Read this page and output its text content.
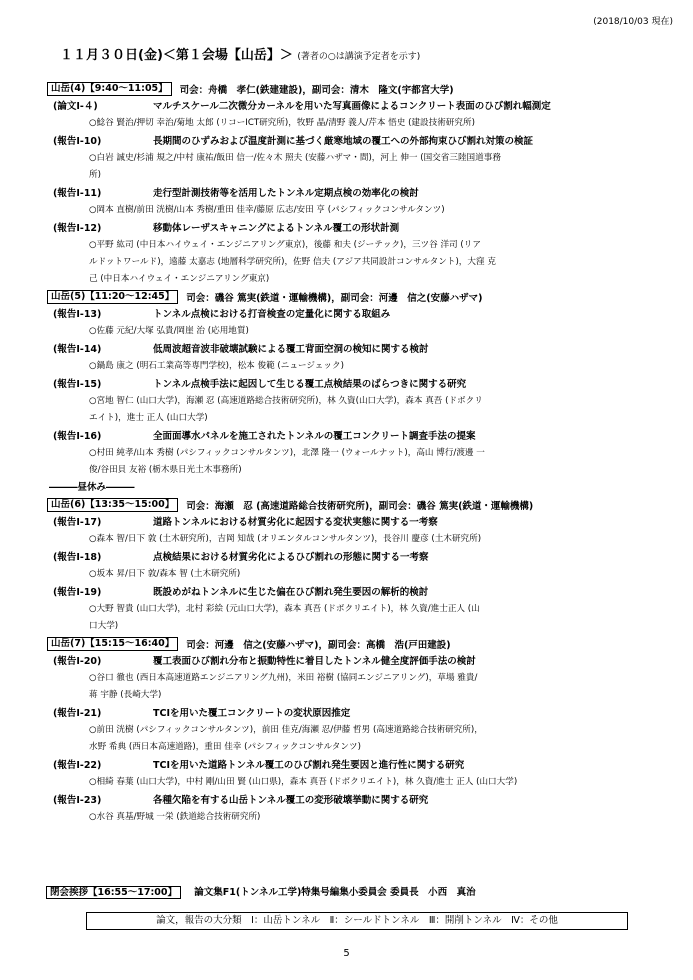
(2018/10/03 現在)
１１月３０日(金)＜第１会場【山岳】＞ (著者の○は講演予定者を示す)
山岳(4)【9:40～11:05】	司会：舟橋　孝仁(鉄建建設)，副司会：清木　隆文(宇都宮大学)
(論文Ⅰ-４)	マルチスケール二次微分カーネルを用いた写真画像によるコンクリート表面のひび割れ幅測定
○鯰谷 賢治/押切 幸治/菊地 太郎 (リコーICT研究所)，牧野 晶/清野 義人/芹本 悟史 (建設技術研究所)
(報告Ⅰ-10)	長期間のひずみおよび温度計測に基づく厳寒地域の覆工への外部拘束ひび割れ対策の検証
○白岩 誠史/杉浦 規之/中村 康祐/飯田 信一/佐々木 照夫 (安藤ハザマ・間)，河上 伸一 (国交省三陸国道事務
所)
(報告Ⅰ-11)	走行型計測技術等を活用したトンネル定期点検の効率化の検討
○岡本 直樹/前田 洸樹/山本 秀樹/重田 佳幸/藤原 広志/安田 亨 (パシフィックコンサルタンツ)
(報告Ⅰ-12)	移動体レーザスキャニングによるトンネル覆工の形状計測
○平野 紘司 (中日本ハイウェイ・エンジニアリング東京)，後藤 和夫 (ジーテック)，三ツ谷 洋司 (リア
ルドットワールド)，遠藤 太嘉志 (地層科学研究所)，佐野 信夫 (アジア共同設計コンサルタント)，大窪 克
己 (中日本ハイウェイ・エンジニアリング東京)
山岳(5)【11:20～12:45】	司会：磯谷 篤実(鉄道・運輸機構)，副司会：河邊　信之(安藤ハザマ)
(報告Ⅰ-13)	トンネル点検における打音検査の定量化に関する取組み
○佐藤 元紀/大塚 弘貴/岡崖 治 (応用地質)
(報告Ⅰ-14)	低周波超音波非破壊試験による覆工背面空洞の検知に関する検討
○鍋島 康之 (明石工業高等専門学校)，松本 俊範 (ニュージェック)
(報告Ⅰ-15)	トンネル点検手法に起因して生じる覆工点検結果のばらつきに関する研究
○宮地 智仁 (山口大学)，海瀬 忍 (高速道路総合技術研究所)，林 久資(山口大学)，森本 真吾 (ドボクリ
エイト)，進士 正人 (山口大学)
(報告Ⅰ-16)	全面面導水パネルを施工されたトンネルの覆工コンクリート調査手法の提案
○村田 純孝/山本 秀樹 (パシフィックコンサルタンツ)，北澤 隆一 (ウォールナット)，高山 博行/渡邊 一
俊/谷田貝 友裕 (栃木県日光土木事務所)
―――昼休み―――
山岳(6)【13:35～15:00】	司会：海瀬　忍 (高速道路総合技術研究所)，副司会：磯谷 篤実(鉄道・運輸機構)
(報告Ⅰ-17)	道路トンネルにおける材質劣化に起因する変状実態に関する一考察
○森本 智/日下 敦 (土木研究所)，吉岡 知哉 (オリエンタルコンサルタンツ)，長谷川 慶彦 (土木研究所)
(報告Ⅰ-18)	点検結果における材質劣化によるひび割れの形態に関する一考察
○坂本 昇/日下 敦/森本 智 (土木研究所)
(報告Ⅰ-19)	既設めがねトンネルに生じた偏在ひび割れ発生要因の解析的検討
○大野 智貴 (山口大学)，北村 彩絵 (元山口大学)，森本 真吾 (ドボクリエイト)，林 久資/進士正人 (山
口大学)
山岳(7)【15:15～16:40】	司会：河邊　信之(安藤ハザマ)，副司会：高橋　浩(戸田建設)
(報告Ⅰ-20)	覆工表面ひび割れ分布と振動特性に着目したトンネル健全度評価手法の検討
○谷口 徹也 (西日本高速道路エンジニアリング九州)，米田 裕樹 (協同エンジニアリング)，草場 雅貴/
蒋 宇静 (長崎大学)
(報告Ⅰ-21)	TCIを用いた覆工コンクリートの変状原因推定
○前田 洸樹 (パシフィックコンサルタンツ)，前田 佳克/海瀬 忍/伊藤 哲男 (高速道路総合技術研究所)，
水野 希典 (西日本高速道路)，重田 佳幸 (パシフィックコンサルタンツ)
(報告Ⅰ-22)	TCIを用いた道路トンネル覆工のひび割れ発生要因と進行性に関する研究
○相綺 春葉 (山口大学)，中村 剛/山田 賢 (山口県)，森本 真吾 (ドボクリエイト)，林 久資/進士 正人 (山口大学)
(報告Ⅰ-23)	各種欠陥を有する山岳トンネル覆工の変形破壊挙動に関する研究
○水谷 真基/野城 一栄 (鉄道総合技術研究所)
閉会挨拶【16:55～17:00】 論文集F1(トンネル工学)特集号編集小委員会 委員長　小西　真治
論文，報告の大分類　Ⅰ：山岳トンネル　Ⅱ：シールドトンネル　Ⅲ：開削トンネル　Ⅳ：その他
5
